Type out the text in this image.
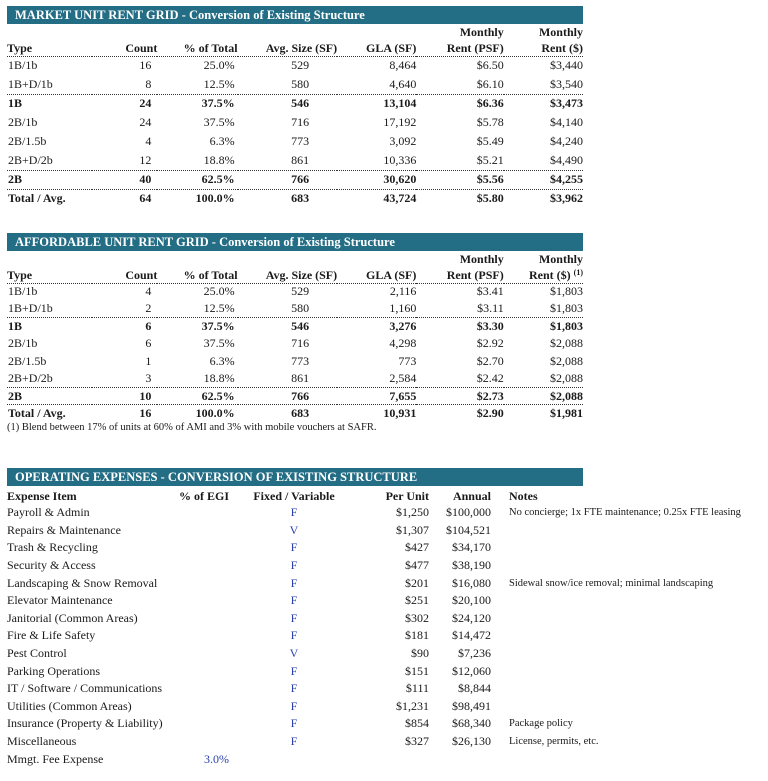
MARKET UNIT RENT GRID - Conversion of Existing Structure
					Monthly	Monthly
Type	Count	% of Total	Avg. Size (SF)	GLA (SF)	Rent (PSF)	Rent ($)
1B/1b	16	25.0%	529	8,464	$6.50	$3,440
1B+D/1b	8	12.5%	580	4,640	$6.10	$3,540
1B	24	37.5%	546	13,104	$6.36	$3,473
2B/1b	24	37.5%	716	17,192	$5.78	$4,140
2B/1.5b	4	6.3%	773	3,092	$5.49	$4,240
2B+D/2b	12	18.8%	861	10,336	$5.21	$4,490
2B	40	62.5%	766	30,620	$5.56	$4,255
Total / Avg.	64	100.0%	683	43,724	$5.80	$3,962
AFFORDABLE UNIT RENT GRID - Conversion of Existing Structure
					Monthly	Monthly
Type	Count	% of Total	Avg. Size (SF)	GLA (SF)	Rent (PSF)	Rent ($) $^{(1)}$
1B/1b	4	25.0%	529	2,116	$3.41	$1,803
1B+D/1b	2	12.5%	580	1,160	$3.11	$1,803
1B	6	37.5%	546	3,276	$3.30	$1,803
2B/1b	6	37.5%	716	4,298	$2.92	$2,088
2B/1.5b	1	6.3%	773	773	$2.70	$2,088
2B+D/2b	3	18.8%	861	2,584	$2.42	$2,088
2B	10	62.5%	766	7,655	$2.73	$2,088
Total / Avg.	16	100.0%	683	10,931	$2.90	$1,981
(1) Blend between 17% of units at 60% of AMI and 3% with mobile vouchers at SAFR.
OPERATING EXPENSES - CONVERSION OF EXISTING STRUCTURE
Expense Item	% of EGI	Fixed / Variable	Per Unit	Annual	Notes
Payroll & Admin		F	$1,250	$100,000	No concierge; 1x FTE maintenance; 0.25x FTE leasing
Repairs & Maintenance		V	$1,307	$104,521	
Trash & Recycling		F	$427	$34,170	
Security & Access		F	$477	$38,190	
Landscaping & Snow Removal		F	$201	$16,080	Sidewal snow/ice removal; minimal landscaping
Elevator Maintenance		F	$251	$20,100	
Janitorial (Common Areas)		F	$302	$24,120	
Fire & Life Safety		F	$181	$14,472	
Pest Control		V	$90	$7,236	
Parking Operations		F	$151	$12,060	
IT / Software / Communications		F	$111	$8,844	
Utilities (Common Areas)		F	$1,231	$98,491	
Insurance (Property & Liability)		F	$854	$68,340	Package policy
Miscellaneous		F	$327	$26,130	License, permits, etc.
Mmgt. Fee Expense	3.0%				
